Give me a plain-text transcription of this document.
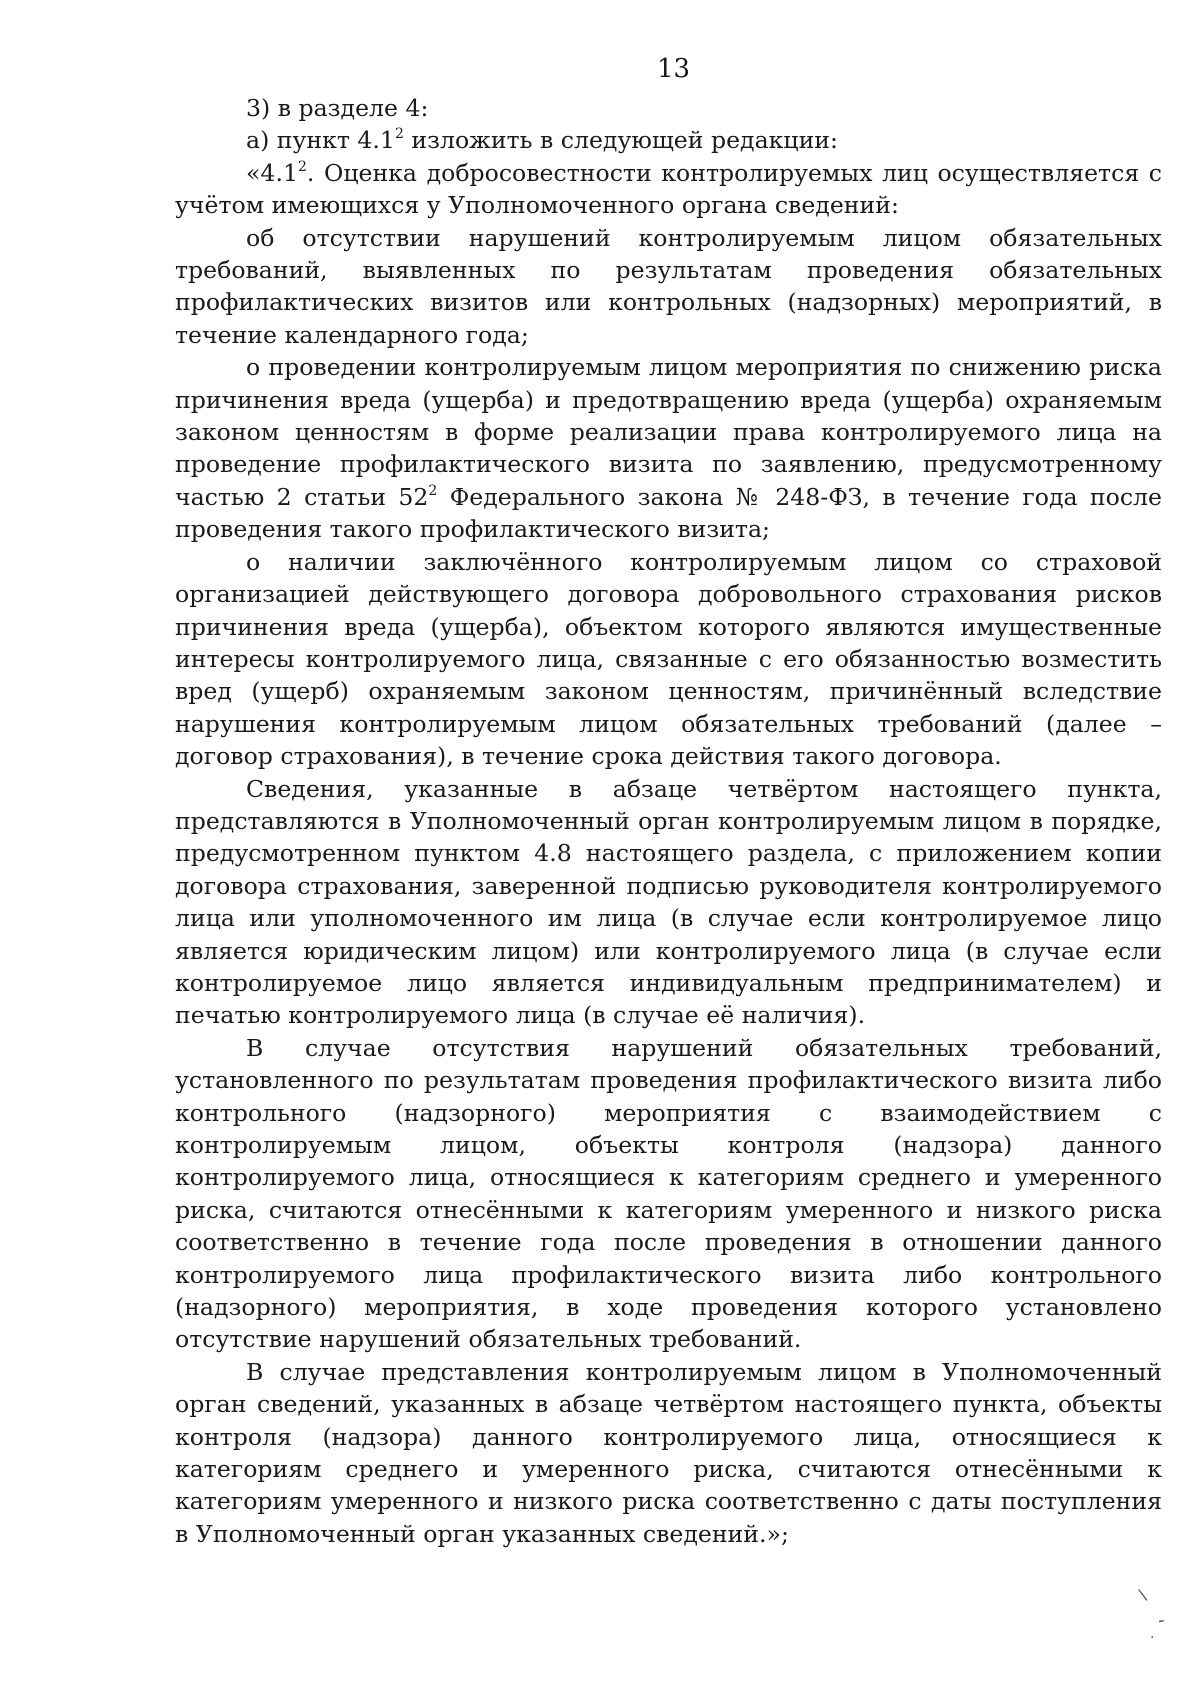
13

3) в разделе 4:

а) пункт $4.1^2$ изложить в следующей редакции:

«$4.1^2$. Оценка добросовестности контролируемых лиц осуществляется с учётом имеющихся у Уполномоченного органа сведений:

об отсутствии нарушений контролируемым лицом обязательных требований, выявленных по результатам проведения обязательных профилактических визитов или контрольных (надзорных) мероприятий, в течение календарного года;

о проведении контролируемым лицом мероприятия по снижению риска причинения вреда (ущерба) и предотвращению вреда (ущерба) охраняемым законом ценностям в форме реализации права контролируемого лица на проведение профилактического визита по заявлению, предусмотренному частью 2 статьи $52^2$ Федерального закона № 248-ФЗ, в течение года после проведения такого профилактического визита;

о наличии заключённого контролируемым лицом со страховой организацией действующего договора добровольного страхования рисков причинения вреда (ущерба), объектом которого являются имущественные интересы контролируемого лица, связанные с его обязанностью возместить вред (ущерб) охраняемым законом ценностям, причинённый вследствие нарушения контролируемым лицом обязательных требований (далее – договор страхования), в течение срока действия такого договора.

Сведения, указанные в абзаце четвёртом настоящего пункта, представляются в Уполномоченный орган контролируемым лицом в порядке, предусмотренном пунктом 4.8 настоящего раздела, с приложением копии договора страхования, заверенной подписью руководителя контролируемого лица или уполномоченного им лица (в случае если контролируемое лицо является юридическим лицом) или контролируемого лица (в случае если контролируемое лицо является индивидуальным предпринимателем) и печатью контролируемого лица (в случае её наличия).

В случае отсутствия нарушений обязательных требований, установленного по результатам проведения профилактического визита либо контрольного (надзорного) мероприятия с взаимодействием с контролируемым лицом, объекты контроля (надзора) данного контролируемого лица, относящиеся к категориям среднего и умеренного риска, считаются отнесёнными к категориям умеренного и низкого риска соответственно в течение года после проведения в отношении данного контролируемого лица профилактического визита либо контрольного (надзорного) мероприятия, в ходе проведения которого установлено отсутствие нарушений обязательных требований.

В случае представления контролируемым лицом в Уполномоченный орган сведений, указанных в абзаце четвёртом настоящего пункта, объекты контроля (надзора) данного контролируемого лица, относящиеся к категориям среднего и умеренного риска, считаются отнесёнными к категориям умеренного и низкого риска соответственно с даты поступления в Уполномоченный орган указанных сведений.»;

\
-
·
